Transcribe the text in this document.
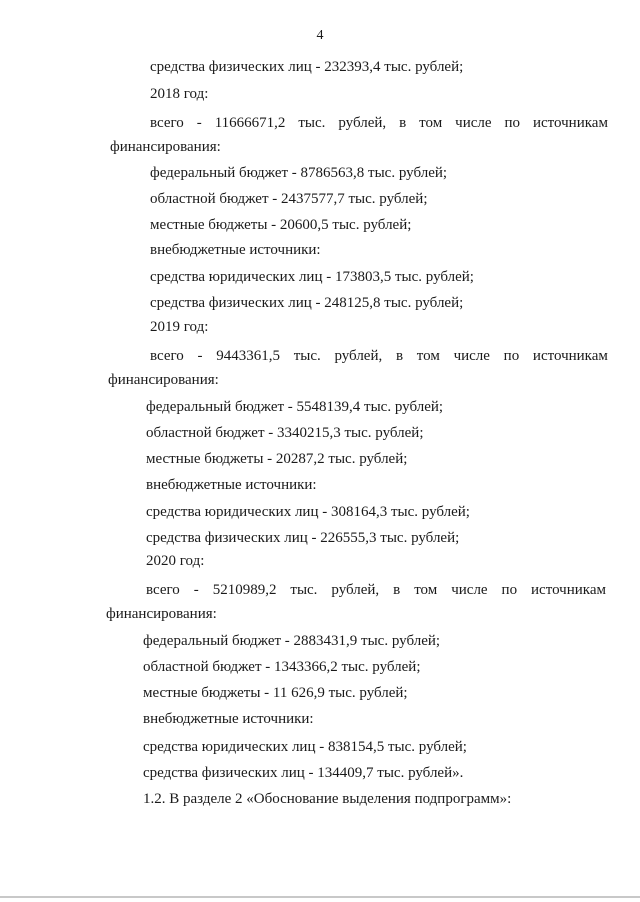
4
средства физических лиц - 232393,4 тыс. рублей;
2018 год:
всего - 11666671,2 тыс. рублей, в том числе по источникам
финансирования:
федеральный бюджет - 8786563,8 тыс. рублей;
областной бюджет - 2437577,7 тыс. рублей;
местные бюджеты - 20600,5 тыс. рублей;
внебюджетные источники:
средства юридических лиц - 173803,5 тыс. рублей;
средства физических лиц - 248125,8 тыс. рублей;
2019 год:
всего - 9443361,5 тыс. рублей, в том числе по источникам
финансирования:
федеральный бюджет - 5548139,4 тыс. рублей;
областной бюджет - 3340215,3 тыс. рублей;
местные бюджеты - 20287,2 тыс. рублей;
внебюджетные источники:
средства юридических лиц - 308164,3 тыс. рублей;
средства физических лиц - 226555,3 тыс. рублей;
2020 год:
всего - 5210989,2 тыс. рублей, в том числе по источникам
финансирования:
федеральный бюджет - 2883431,9 тыс. рублей;
областной бюджет - 1343366,2 тыс. рублей;
местные бюджеты - 11 626,9 тыс. рублей;
внебюджетные источники:
средства юридических лиц - 838154,5 тыс. рублей;
средства физических лиц - 134409,7 тыс. рублей».
1.2. В разделе 2 «Обоснование выделения подпрограмм»:
